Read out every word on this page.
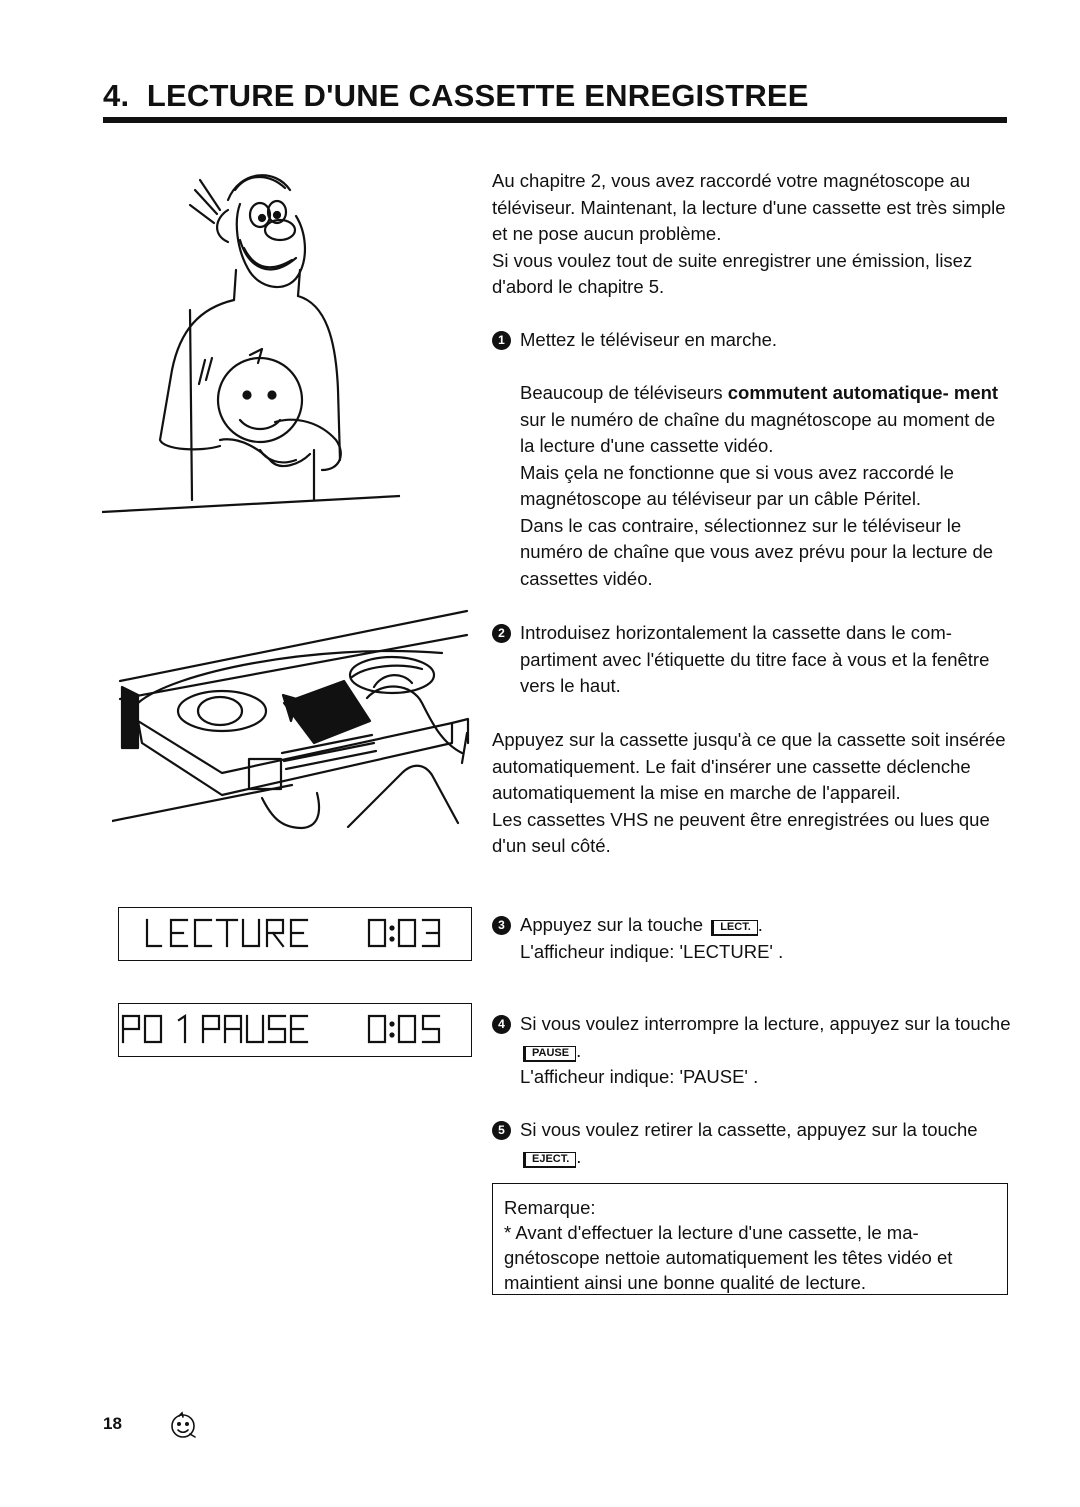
4.  LECTURE D'UNE CASSETTE ENREGISTREE

Au chapitre 2, vous avez raccordé votre magnétoscope au téléviseur. Maintenant, la lecture d'une cassette est très simple et ne pose aucun problème.

Si vous voulez tout de suite enregistrer une émission, lisez d'abord le chapitre 5.

1 Mettez le téléviseur en marche.

Beaucoup de téléviseurs commutent automatique- ment sur le numéro de chaîne du magnétoscope au moment de la lecture d'une cassette vidéo.

Mais çela ne fonctionne que si vous avez raccordé le magnétoscope au téléviseur par un câble Péritel.

Dans le cas contraire, sélectionnez sur le téléviseur le numéro de chaîne que vous avez prévu pour la lecture de cassettes vidéo.

2 Introduisez horizontalement la cassette dans le com- partiment avec l'étiquette du titre face à vous et la fenêtre vers le haut.

Appuyez sur la cassette jusqu'à ce que la cassette soit insérée automatiquement. Le fait d'insérer une cassette déclenche automatiquement la mise en marche de l'appareil.

Les cassettes VHS ne peuvent être enregistrées ou lues que d'un seul côté.

3 Appuyez sur la touche LECT. .

L'afficheur indique: 'LECTURE' .

4 Si vous voulez interrompre la lecture, appuyez sur la touche PAUSE .

L'afficheur indique: 'PAUSE' .

5 Si vous voulez retirer la cassette, appuyez sur la touche EJECT. .

Remarque:

* Avant d'effectuer la lecture d'une cassette, le ma- gnétoscope nettoie automatiquement les têtes vidéo et maintient ainsi une bonne qualité de lecture.

18
